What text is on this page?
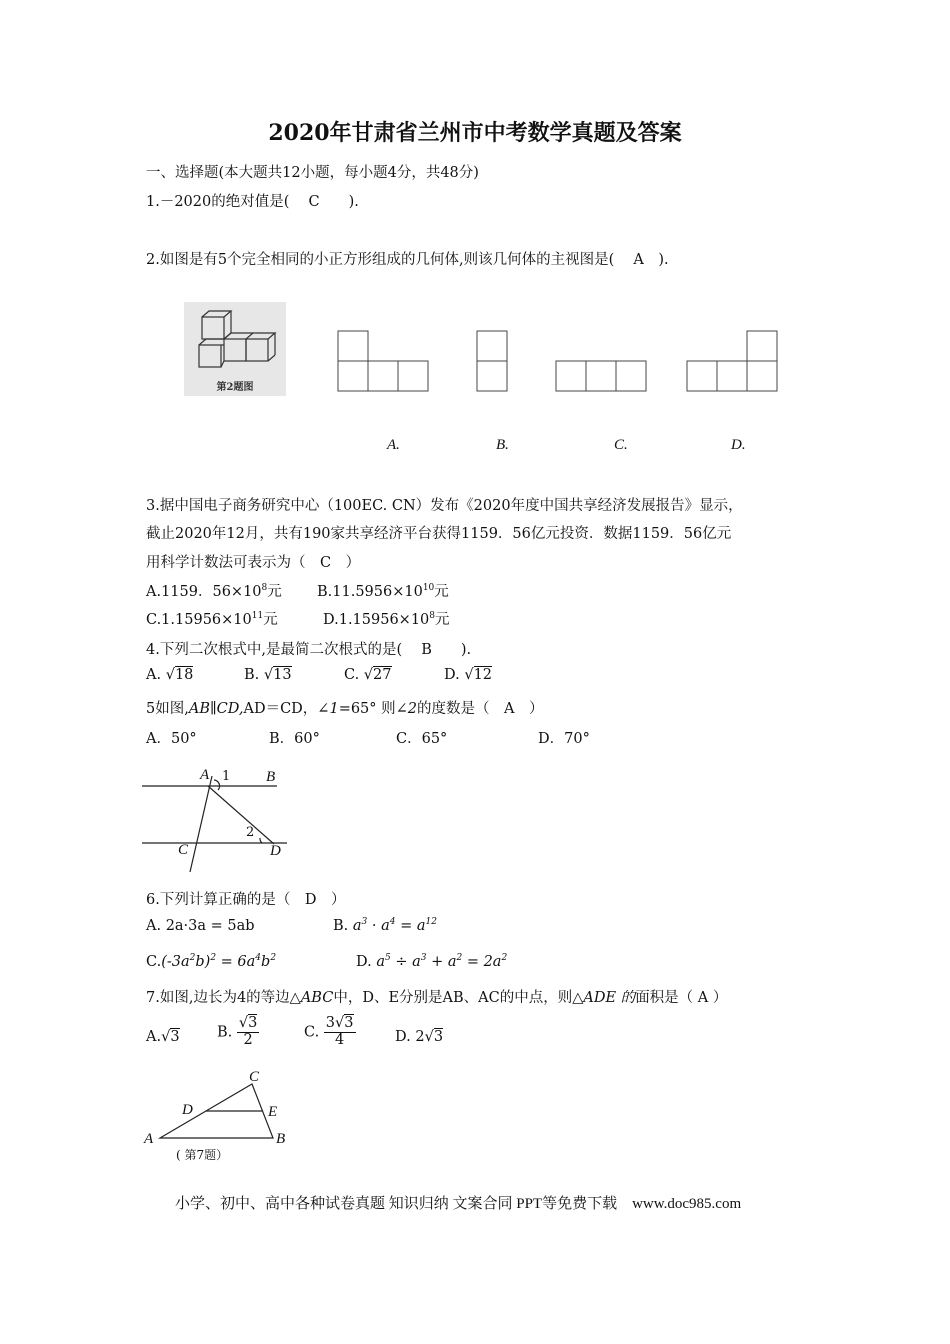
2020年甘肃省兰州市中考数学真题及答案
一、选择题(本大题共12小题，每小题4分，共48分)
1.－2020的绝对值是(　 C　　).
2.如图是有5个完全相同的小正方形组成的几何体,则该几何体的主视图是(　 A　).
第2题图
A.	B.	C.	D.
3.据中国电子商务研究中心（100EC. CN）发布《2020年度中国共享经济发展报告》显示，
截止2020年12月，共有190家共享经济平台获得1159．56亿元投资．数据1159．56亿元
用科学计数法可表示为（　C　）
A.1159．$56\times 10^8$元 $B.11.5956\times 10^{10}$元
$C.1.15956\times 10^{11}$元	$D.1.15956\times 10^8$元
4.下列二次根式中,是最简二次根式的是(　 B　　).
A. √18	B. √13	C. √27	D. √12
5如图,AB∥CD,AD＝CD，∠1=65° 则∠2的度数是（　A　）
A．50°	B．60°	C．65°	D．70°
A 1 B
2
C	D
6.下列计算正确的是（　D　）
A. 2a·3a = 5ab	B. $a^3 \cdot a^4 = a^{12}$
$C.(-3a^2b)^2 = 6a^4b^2$	D. $a^5 \div a^3 + a^2 = 2a^2$
7.如图,边长为4的等边△ABC中，D、E分别是AB、AC的中点，则△ADE 的面积是（ A ）
A.√3	B. $\frac{√3}{2}$	C. $\frac{3√3}{4}$	D. 2√3
C
D	E
A	B
( 第7题）
小学、初中、高中各种试卷真题 知识归纳 文案合同 PPT等免费下载　www.doc985.com
